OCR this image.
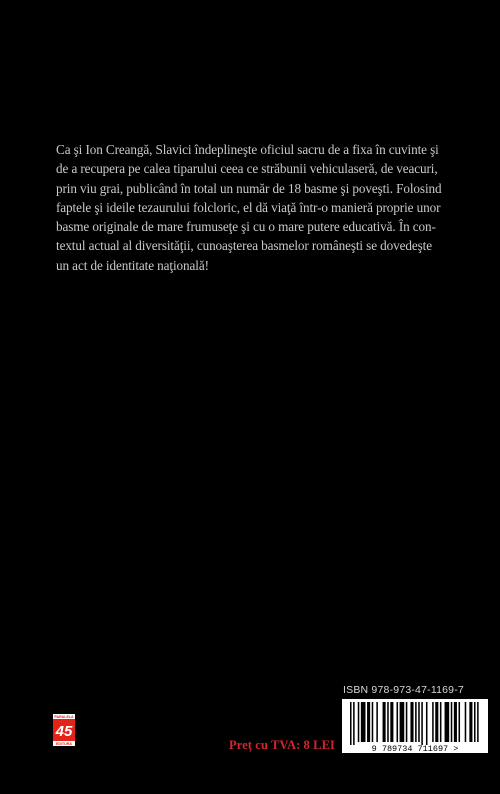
Ca şi Ion Creangă, Slavici îndeplineşte oficiul sacru de a fixa în cuvinte şi
de a recupera pe calea tiparului ceea ce străbunii vehiculaseră, de veacuri,
prin viu grai, publicând în total un număr de 18 basme şi poveşti. Folosind
faptele şi ideile tezaurului folcloric, el dă viaţă într-o manieră proprie unor
basme originale de mare frumuseţe şi cu o mare putere educativă. În con-
textul actual al diversităţii, cunoaşterea basmelor româneşti se dovedeşte
un act de identitate naţională!
ISBN 978-973-47-1169-7
9 789734 711697 >
PARALELA
45
EDITURA	Preţ cu TVA: 8 LEI
